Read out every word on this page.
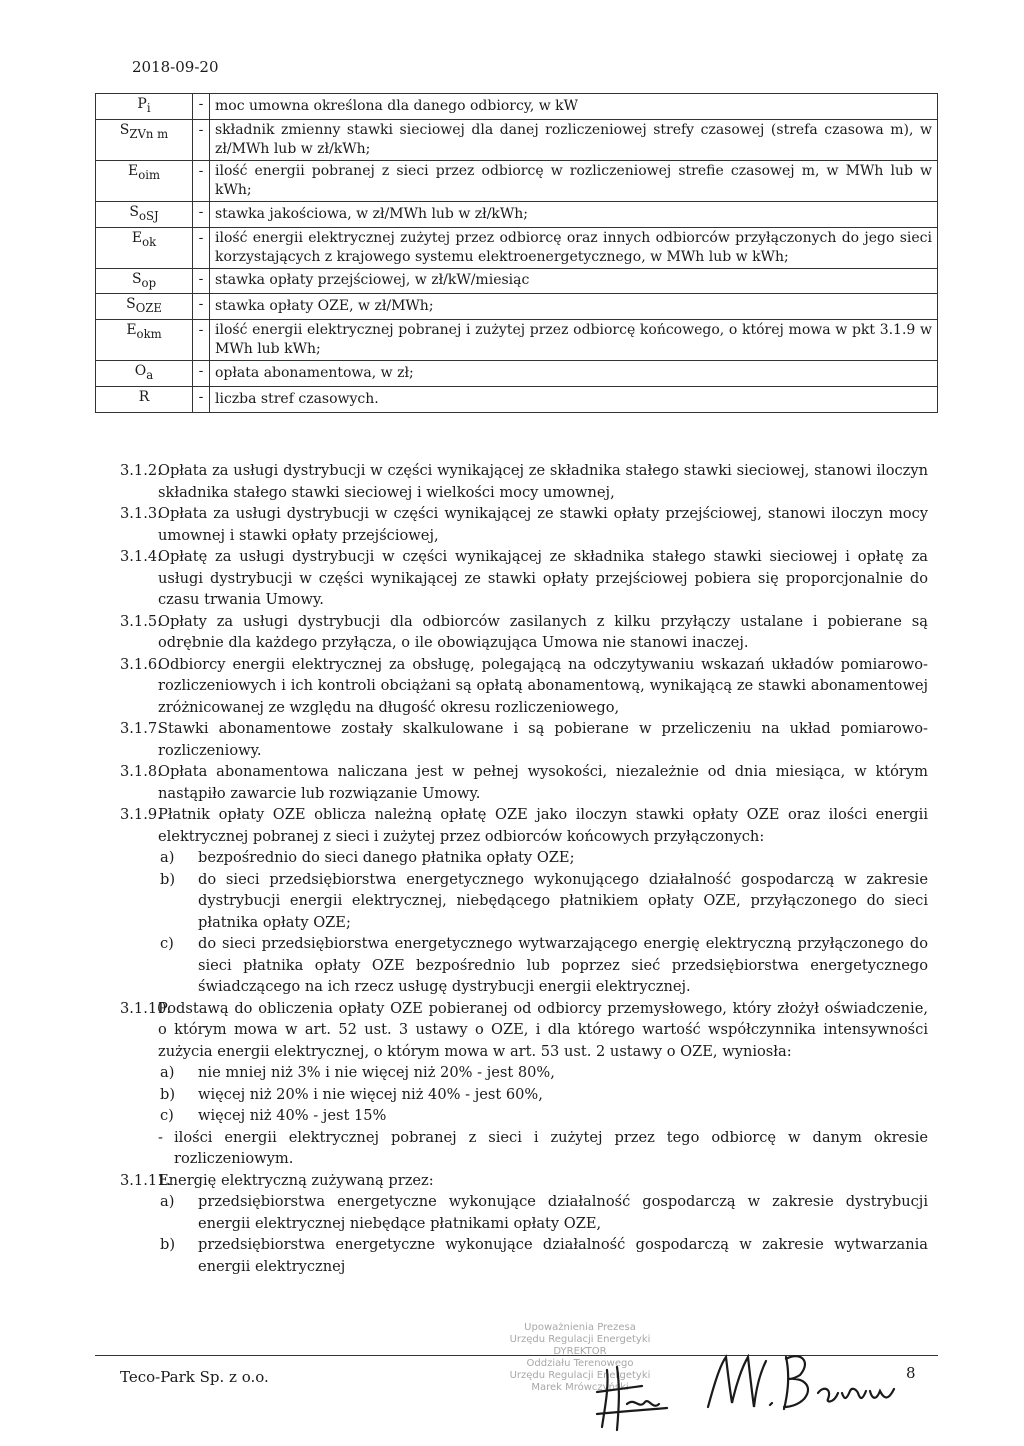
2018-09-20
$P_i$	-	moc umowna określona dla danego odbiorcy, w kW
$S_{ZVn m}$	-	składnik zmienny stawki sieciowej dla danej rozliczeniowej strefy czasowej (strefa czasowa m), w zł/MWh lub w zł/kWh;
$E_{oim}$	-	ilość energii pobranej z sieci przez odbiorcę w rozliczeniowej strefie czasowej m, w MWh lub w kWh;
$S_{oSJ}$	-	stawka jakościowa, w zł/MWh lub w zł/kWh;
$E_{ok}$	-	ilość energii elektrycznej zużytej przez odbiorcę oraz innych odbiorców przyłączonych do jego sieci korzystających z krajowego systemu elektroenergetycznego, w MWh lub w kWh;
$S_{op}$	-	stawka opłaty przejściowej, w zł/kW/miesiąc
$S_{OZE}$	-	stawka opłaty OZE, w zł/MWh;
$E_{okm}$	-	ilość energii elektrycznej pobranej i zużytej przez odbiorcę końcowego, o której mowa w pkt 3.1.9 w MWh lub kWh;
$O_a$	-	opłata abonamentowa, w zł;
R	-	liczba stref czasowych.
3.1.2.
Opłata za usługi dystrybucji w części wynikającej ze składnika stałego stawki sieciowej, stanowi iloczyn składnika stałego stawki sieciowej i wielkości mocy umownej,
3.1.3.
Opłata za usługi dystrybucji w części wynikającej ze stawki opłaty przejściowej, stanowi iloczyn mocy umownej i stawki opłaty przejściowej,
3.1.4.
Opłatę za usługi dystrybucji w części wynikającej ze składnika stałego stawki sieciowej i opłatę za usługi dystrybucji w części wynikającej ze stawki opłaty przejściowej pobiera się proporcjonalnie do czasu trwania Umowy.
3.1.5.
Opłaty za usługi dystrybucji dla odbiorców zasilanych z kilku przyłączy ustalane i pobierane są odrębnie dla każdego przyłącza, o ile obowiązująca Umowa nie stanowi inaczej.
3.1.6.
Odbiorcy energii elektrycznej za obsługę, polegającą na odczytywaniu wskazań układów pomiarowo-rozliczeniowych i ich kontroli obciążani są opłatą abonamentową, wynikającą ze stawki abonamentowej zróżnicowanej ze względu na długość okresu rozliczeniowego,
3.1.7.
Stawki abonamentowe zostały skalkulowane i są pobierane w przeliczeniu na układ pomiarowo-rozliczeniowy.
3.1.8.
Opłata abonamentowa naliczana jest w pełnej wysokości, niezależnie od dnia miesiąca, w którym nastąpiło zawarcie lub rozwiązanie Umowy.
3.1.9.
Płatnik opłaty OZE oblicza należną opłatę OZE jako iloczyn stawki opłaty OZE oraz ilości energii elektrycznej pobranej z sieci i zużytej przez odbiorców końcowych przyłączonych:
a)	bezpośrednio do sieci danego płatnika opłaty OZE;
b)	do sieci przedsiębiorstwa energetycznego wykonującego działalność gospodarczą w zakresie dystrybucji energii elektrycznej, niebędącego płatnikiem opłaty OZE, przyłączonego do sieci płatnika opłaty OZE;
c)	do sieci przedsiębiorstwa energetycznego wytwarzającego energię elektryczną przyłączonego do sieci płatnika opłaty OZE bezpośrednio lub poprzez sieć przedsiębiorstwa energetycznego świadczącego na ich rzecz usługę dystrybucji energii elektrycznej.
3.1.10.
Podstawą do obliczenia opłaty OZE pobieranej od odbiorcy przemysłowego, który złożył oświadczenie, o którym mowa w art. 52 ust. 3 ustawy o OZE, i dla którego wartość współczynnika intensywności zużycia energii elektrycznej, o którym mowa w art. 53 ust. 2 ustawy o OZE, wyniosła:
a)	nie mniej niż 3% i nie więcej niż 20% - jest 80%,
b)	więcej niż 20% i nie więcej niż 40% - jest 60%,
c)	więcej niż 40% - jest 15%
- ilości energii elektrycznej pobranej z sieci i zużytej przez tego odbiorcę w danym okresie rozliczeniowym.
3.1.11.
Energię elektryczną zużywaną przez:
a)	przedsiębiorstwa energetyczne wykonujące działalność gospodarczą w zakresie dystrybucji energii elektrycznej niebędące płatnikami opłaty OZE,
b)	przedsiębiorstwa energetyczne wykonujące działalność gospodarczą w zakresie wytwarzania energii elektrycznej
Upoważnienia Prezesa
Urzędu Regulacji Energetyki
DYREKTOR
Oddziału Terenowego
Urzędu Regulacji Energetyki
Marek Mrówczyński
Teco-Park Sp. z o.o.	8
